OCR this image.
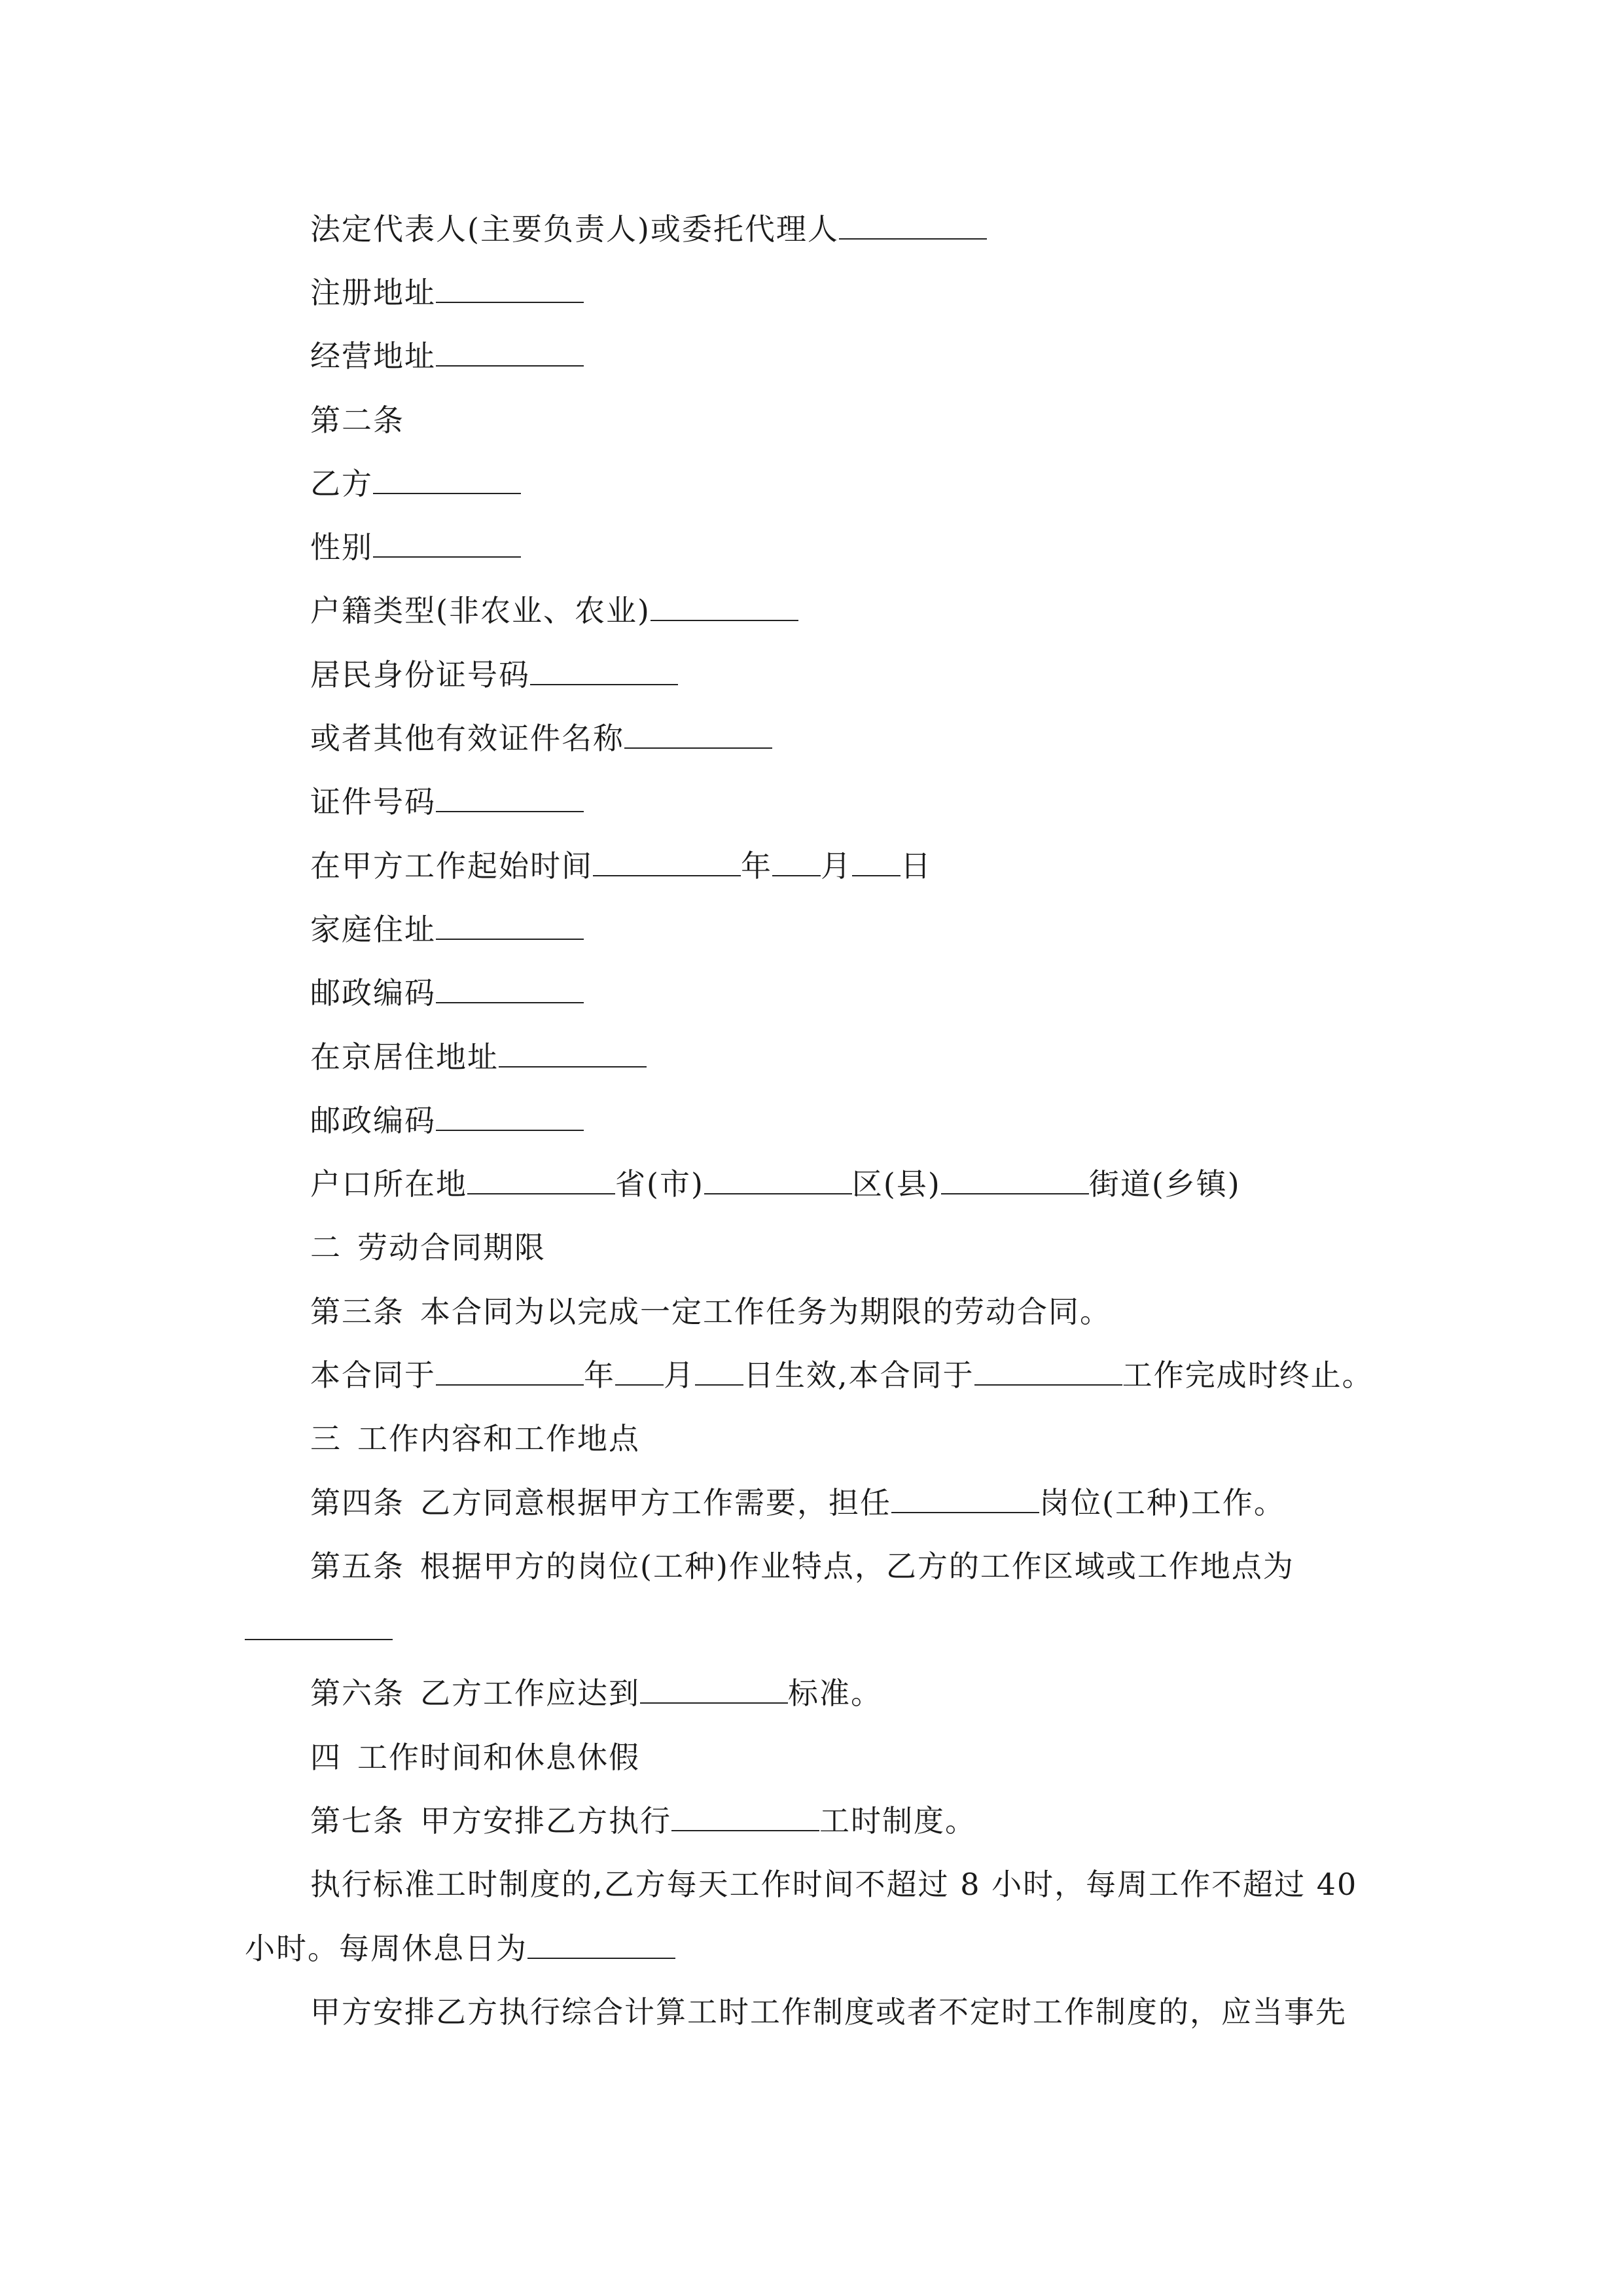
法定代表人(主要负责人)或委托代理人
注册地址
经营地址
第二条
乙方
性别
户籍类型(非农业、农业)
居民身份证号码
或者其他有效证件名称
证件号码
在甲方工作起始时间	年 月 日
家庭住址
邮政编码
在京居住地址
邮政编码
户口所在地	省(市)	区(县)	街道(乡镇)
二 劳动合同期限
第三条 本合同为以完成一定工作任务为期限的劳动合同。
本合同于	年 月 日生效,本合同于	工作完成时终止。
三 工作内容和工作地点
第四条 乙方同意根据甲方工作需要，担任	岗位(工种)工作。
第五条 根据甲方的岗位(工种)作业特点，乙方的工作区域或工作地点为
第六条 乙方工作应达到	标准。
四 工作时间和休息休假
第七条 甲方安排乙方执行	工时制度。
执行标准工时制度的,乙方每天工作时间不超过 8 小时，每周工作不超过 40
小时。每周休息日为
甲方安排乙方执行综合计算工时工作制度或者不定时工作制度的，应当事先
